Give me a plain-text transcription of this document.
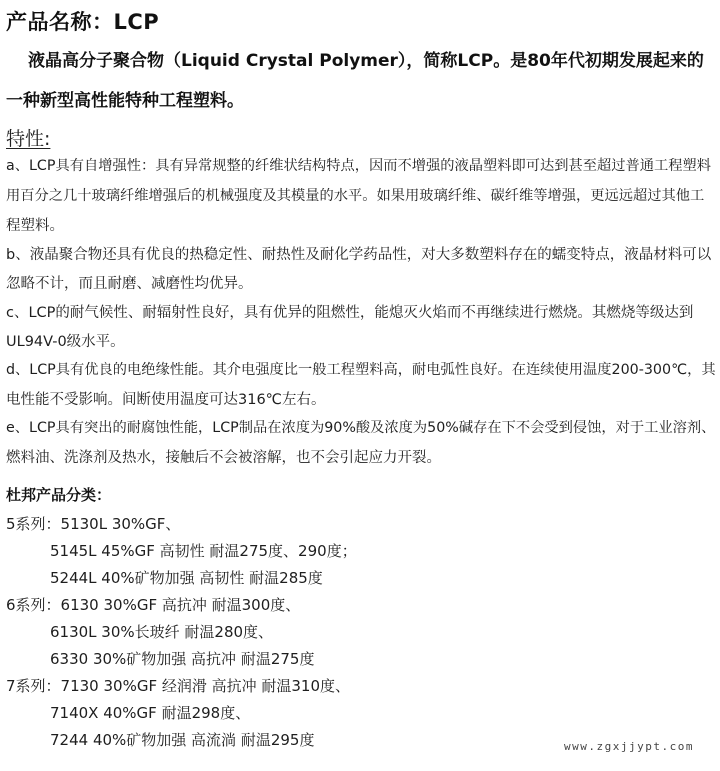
产品名称：LCP
液晶高分子聚合物（Liquid Crystal Polymer），简称LCP。是80年代初期发展起来的
一种新型高性能特种工程塑料。
特性:
a、LCP具有自增强性：具有异常规整的纤维状结构特点，因而不增强的液晶塑料即可达到甚至超过普通工程塑料
用百分之几十玻璃纤维增强后的机械强度及其模量的水平。如果用玻璃纤维、碳纤维等增强，更远远超过其他工
程塑料。
b、液晶聚合物还具有优良的热稳定性、耐热性及耐化学药品性，对大多数塑料存在的蠕变特点，液晶材料可以
忽略不计，而且耐磨、减磨性均优异。
c、LCP的耐气候性、耐辐射性良好，具有优异的阻燃性，能熄灭火焰而不再继续进行燃烧。其燃烧等级达到
UL94V-0级水平。
d、LCP具有优良的电绝缘性能。其介电强度比一般工程塑料高，耐电弧性良好。在连续使用温度200-300℃，其
电性能不受影响。间断使用温度可达316℃左右。
e、LCP具有突出的耐腐蚀性能，LCP制品在浓度为90%酸及浓度为50%碱存在下不会受到侵蚀，对于工业溶剂、
燃料油、洗涤剂及热水，接触后不会被溶解，也不会引起应力开裂。
杜邦产品分类：
5系列：5130L 30%GF、
5145L 45%GF 高韧性 耐温275度、290度；
5244L 40%矿物加强 高韧性 耐温285度
6系列：6130 30%GF 高抗冲 耐温300度、
6130L 30%长玻纤 耐温280度、
6330 30%矿物加强 高抗冲 耐温275度
7系列：7130 30%GF 经润滑 高抗冲 耐温310度、
7140X 40%GF 耐温298度、
7244 40%矿物加强 高流淌 耐温295度	www.zgxjjypt.com
